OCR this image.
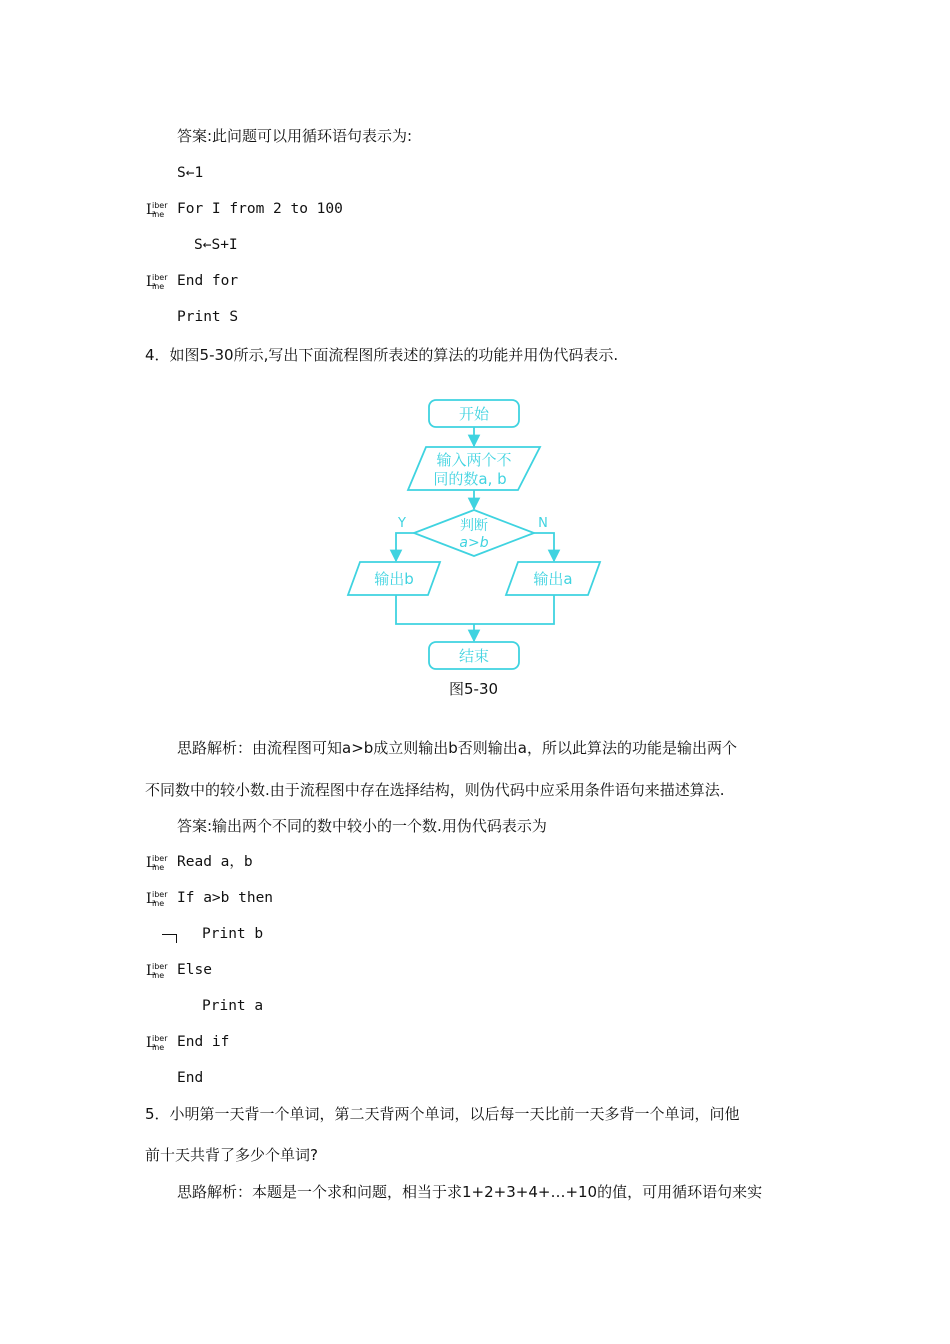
答案:此问题可以用循环语句表示为:
S←1
L
iber
ine For I from 2 to 100
S←S+I
L
iber
ine End for
Print S
4．如图5-30所示,写出下面流程图所表述的算法的功能并用伪代码表示.
开始
输入两个不
同的数a, b
判断
a>b
Y	N
输出b	输出a
结束
图5-30
思路解析：由流程图可知a>b成立则输出b否则输出a，所以此算法的功能是输出两个
不同数中的较小数.由于流程图中存在选择结构，则伪代码中应采用条件语句来描述算法.
答案:输出两个不同的数中较小的一个数.用伪代码表示为
L
iber
ine Read a，b
L
iber
ine If a>b then
Print b
L
iber
ine Else
Print a
L
iber
ine End if
End
5．小明第一天背一个单词，第二天背两个单词，以后每一天比前一天多背一个单词，问他
前十天共背了多少个单词?
思路解析：本题是一个求和问题，相当于求1+2+3+4+…+10的值，可用循环语句来实
